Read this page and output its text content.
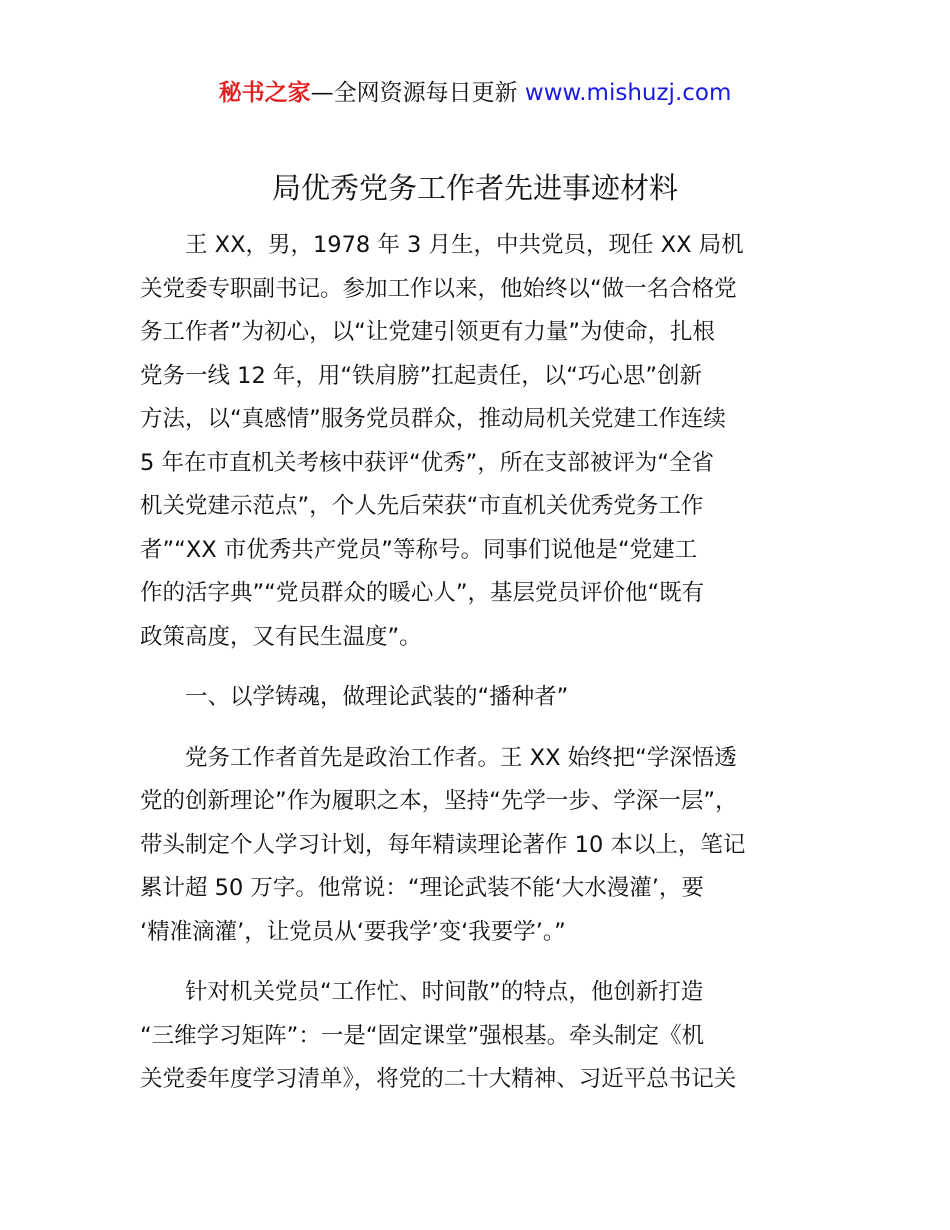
秘书之家—全网资源每日更新 www.mishuzj.com
局优秀党务工作者先进事迹材料
　　王 XX，男，1978 年 3 月生，中共党员，现任 XX 局机
关党委专职副书记。参加工作以来，他始终以“做一名合格党
务工作者”为初心，以“让党建引领更有力量”为使命，扎根
党务一线 12 年，用“铁肩膀”扛起责任，以“巧心思”创新
方法，以“真感情”服务党员群众，推动局机关党建工作连续
5 年在市直机关考核中获评“优秀”，所在支部被评为“全省
机关党建示范点”，个人先后荣获“市直机关优秀党务工作
者”“XX 市优秀共产党员”等称号。同事们说他是“党建工
作的活字典”“党员群众的暖心人”，基层党员评价他“既有
政策高度，又有民生温度”。
　　一、以学铸魂，做理论武装的“播种者”
　　党务工作者首先是政治工作者。王 XX 始终把“学深悟透
党的创新理论”作为履职之本，坚持“先学一步、学深一层”，
带头制定个人学习计划，每年精读理论著作 10 本以上，笔记
累计超 50 万字。他常说：“理论武装不能‘大水漫灌’，要
‘精准滴灌’，让党员从‘要我学’变‘我要学’。”
　　针对机关党员“工作忙、时间散”的特点，他创新打造
“三维学习矩阵”：一是“固定课堂”强根基。牵头制定《机
关党委年度学习清单》，将党的二十大精神、习近平总书记关
